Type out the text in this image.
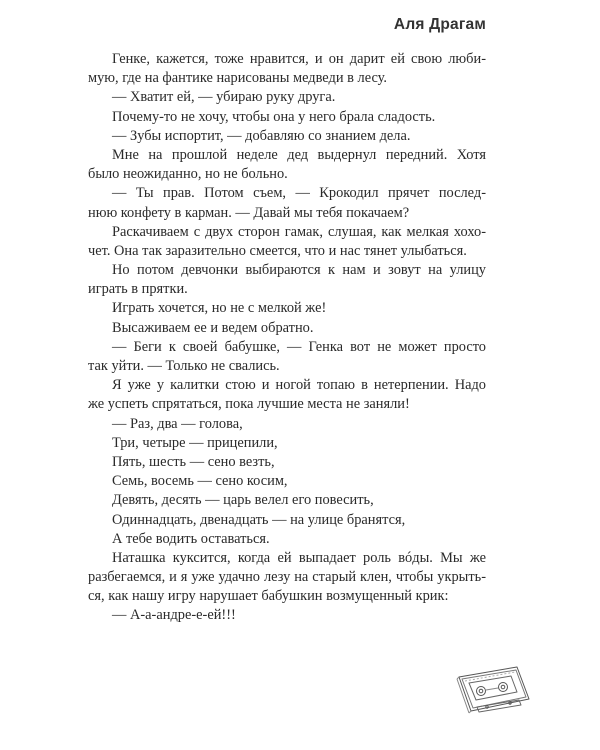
Аля Драгам
Генке, кажется, тоже нравится, и он дарит ей свою люби-
мую, где на фантике нарисованы медведи в лесу.
— Хватит ей, — убираю руку друга.
Почему-то не хочу, чтобы она у него брала сладость.
— Зубы испортит, — добавляю со знанием дела.
Мне на прошлой неделе дед выдернул передний. Хотя
было неожиданно, но не больно.
— Ты прав. Потом съем, — Крокодил прячет послед-
нюю конфету в карман. — Давай мы тебя покачаем?
Раскачиваем с двух сторон гамак, слушая, как мелкая хохо-
чет. Она так заразительно смеется, что и нас тянет улыбаться.
Но потом девчонки выбираются к нам и зовут на улицу
играть в прятки.
Играть хочется, но не с мелкой же!
Высаживаем ее и ведем обратно.
— Беги к своей бабушке, — Генка вот не может просто
так уйти. — Только не свались.
Я уже у калитки стою и ногой топаю в нетерпении. Надо
же успеть спрятаться, пока лучшие места не заняли!
— Раз, два — голова,
Три, четыре — прицепили,
Пять, шесть — сено везть,
Семь, восемь — сено косим,
Девять, десять — царь велел его повесить,
Одиннадцать, двенадцать — на улице бранятся,
А тебе водить оставаться.
Наташка куксится, когда ей выпадает роль вóды. Мы же
разбегаемся, и я уже удачно лезу на старый клен, чтобы укрыть-
ся, как нашу игру нарушает бабушкин возмущенный крик:
— А-а-андре-е-ей!!!
